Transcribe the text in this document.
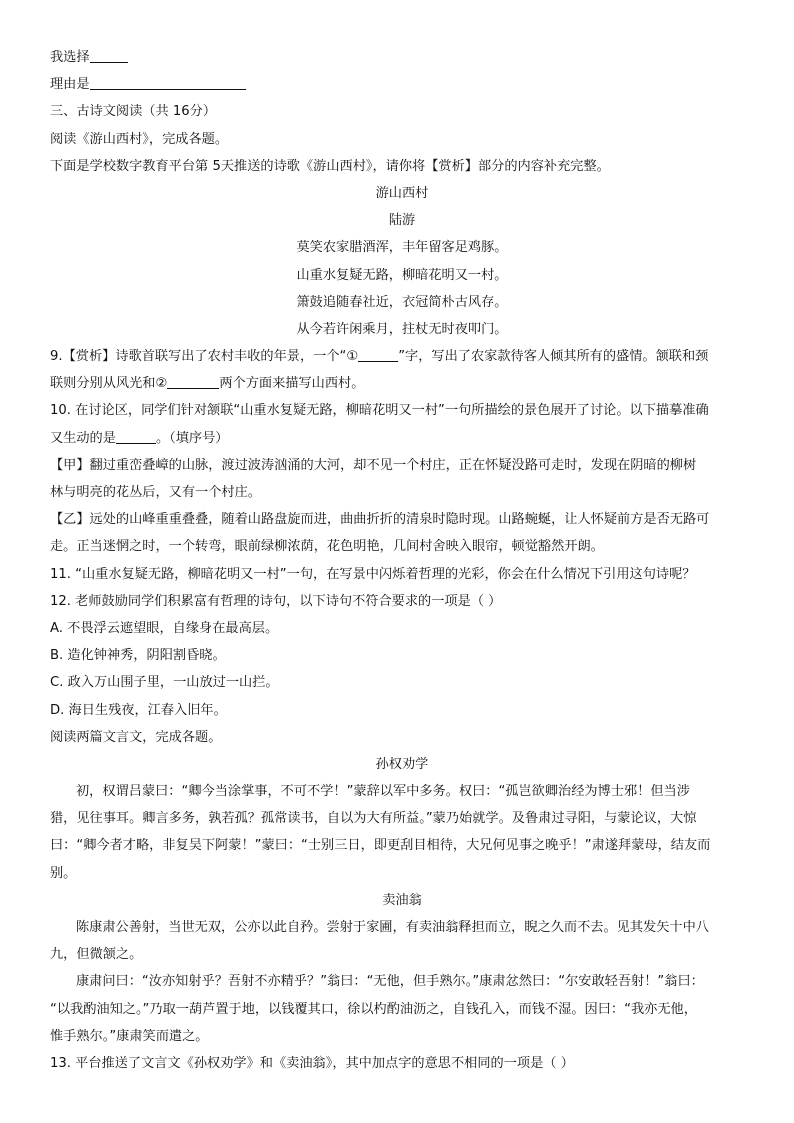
我选择
理由是
三、古诗文阅读（共 16分）
阅读《游山西村》，完成各题。
下面是学校数字教育平台第 5天推送的诗歌《游山西村》，请你将【赏析】部分的内容补充完整。
游山西村
陆游
莫笑农家腊酒浑，丰年留客足鸡豚。
山重水复疑无路，柳暗花明又一村。
箫鼓追随春社近，衣冠简朴古风存。
从今若许闲乘月，拄杖无时夜叩门。
9.【赏析】诗歌首联写出了农村丰收的年景，一个“①	”字，写出了农家款待客人倾其所有的盛情。颔联和颈
联则分别从风光和②	两个方面来描写山西村。
10. 在讨论区，同学们针对颔联“山重水复疑无路，柳暗花明又一村”一句所描绘的景色展开了讨论。以下描摹准确
又生动的是	。（填序号）
【甲】翻过重峦叠嶂的山脉，渡过波涛汹涌的大河，却不见一个村庄，正在怀疑没路可走时，发现在阴暗的柳树
林与明亮的花丛后，又有一个村庄。
【乙】远处的山峰重重叠叠，随着山路盘旋而进，曲曲折折的清泉时隐时现。山路蜿蜒，让人怀疑前方是否无路可
走。正当迷惘之时，一个转弯，眼前绿柳浓荫，花色明艳，几间村舍映入眼帘，顿觉豁然开朗。
11. “山重水复疑无路，柳暗花明又一村”一句，在写景中闪烁着哲理的光彩，你会在什么情况下引用这句诗呢？
12. 老师鼓励同学们积累富有哲理的诗句，以下诗句不符合要求的一项是（ ）
A. 不畏浮云遮望眼，自缘身在最高层。
B. 造化钟神秀，阴阳割昏晓。
C. 政入万山围子里，一山放过一山拦。
D. 海日生残夜，江春入旧年。
阅读两篇文言文，完成各题。
孙权劝学
初，权谓吕蒙曰：“卿今当涂掌事，不可不学！”蒙辞以军中多务。权曰：“孤岂欲卿治经为博士邪！但当涉
猎，见往事耳。卿言多务，孰若孤？孤常读书，自以为大有所益。”蒙乃始就学。及鲁肃过寻阳，与蒙论议，大惊
曰：“卿今者才略，非复吴下阿蒙！”蒙曰：“士别三日，即更刮目相待，大兄何见事之晚乎！”肃遂拜蒙母，结友而
别。
卖油翁
陈康肃公善射，当世无双，公亦以此自矜。尝射于家圃，有卖油翁释担而立，睨之久而不去。见其发矢十中八
九，但微颔之。
康肃问曰：“汝亦知射乎？吾射不亦精乎？”翁曰：“无他，但手熟尔。”康肃忿然曰：“尔安敢轻吾射！”翁曰：
“以我酌油知之。”乃取一葫芦置于地，以钱覆其口，徐以杓酌油沥之，自钱孔入，而钱不湿。因曰：“我亦无他，
惟手熟尔。”康肃笑而遣之。
13. 平台推送了文言文《孙权劝学》和《卖油翁》，其中加点字的意思不相同的一项是（ ）
